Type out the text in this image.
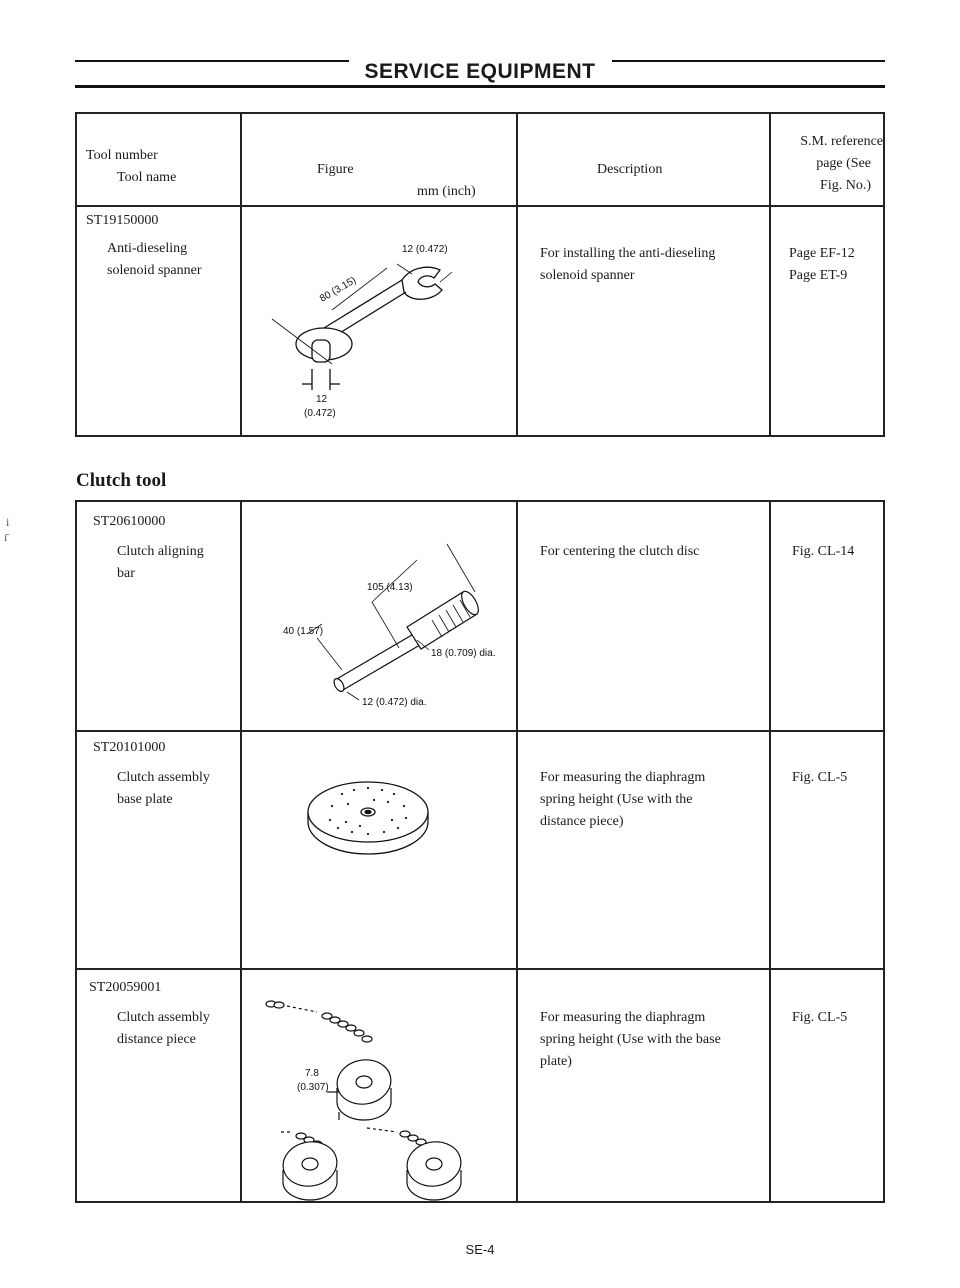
SERVICE EQUIPMENT
i
ɪ̄
Tool number
Tool name
Figure
mm (inch)
Description
S.M. reference
page (See
Fig. No.)
ST19150000
Anti-dieseling
solenoid spanner
For installing the anti-dieseling
solenoid spanner
Page EF-12
Page ET-9
12 (0.472)
80 (3.15)
12
(0.472)
Clutch tool
ST20610000
Clutch aligning
bar
For centering the clutch disc	Fig. CL-14
105 (4.13)
40 (1.57)
18 (0.709) dia.
12 (0.472) dia.
ST20101000
Clutch assembly
base plate
For measuring the diaphragm
spring height (Use with the
distance piece)
Fig. CL-5
ST20059001
Clutch assembly
distance piece
For measuring the diaphragm
spring height (Use with the base
plate)
Fig. CL-5
7.8
(0.307)
SE-4
